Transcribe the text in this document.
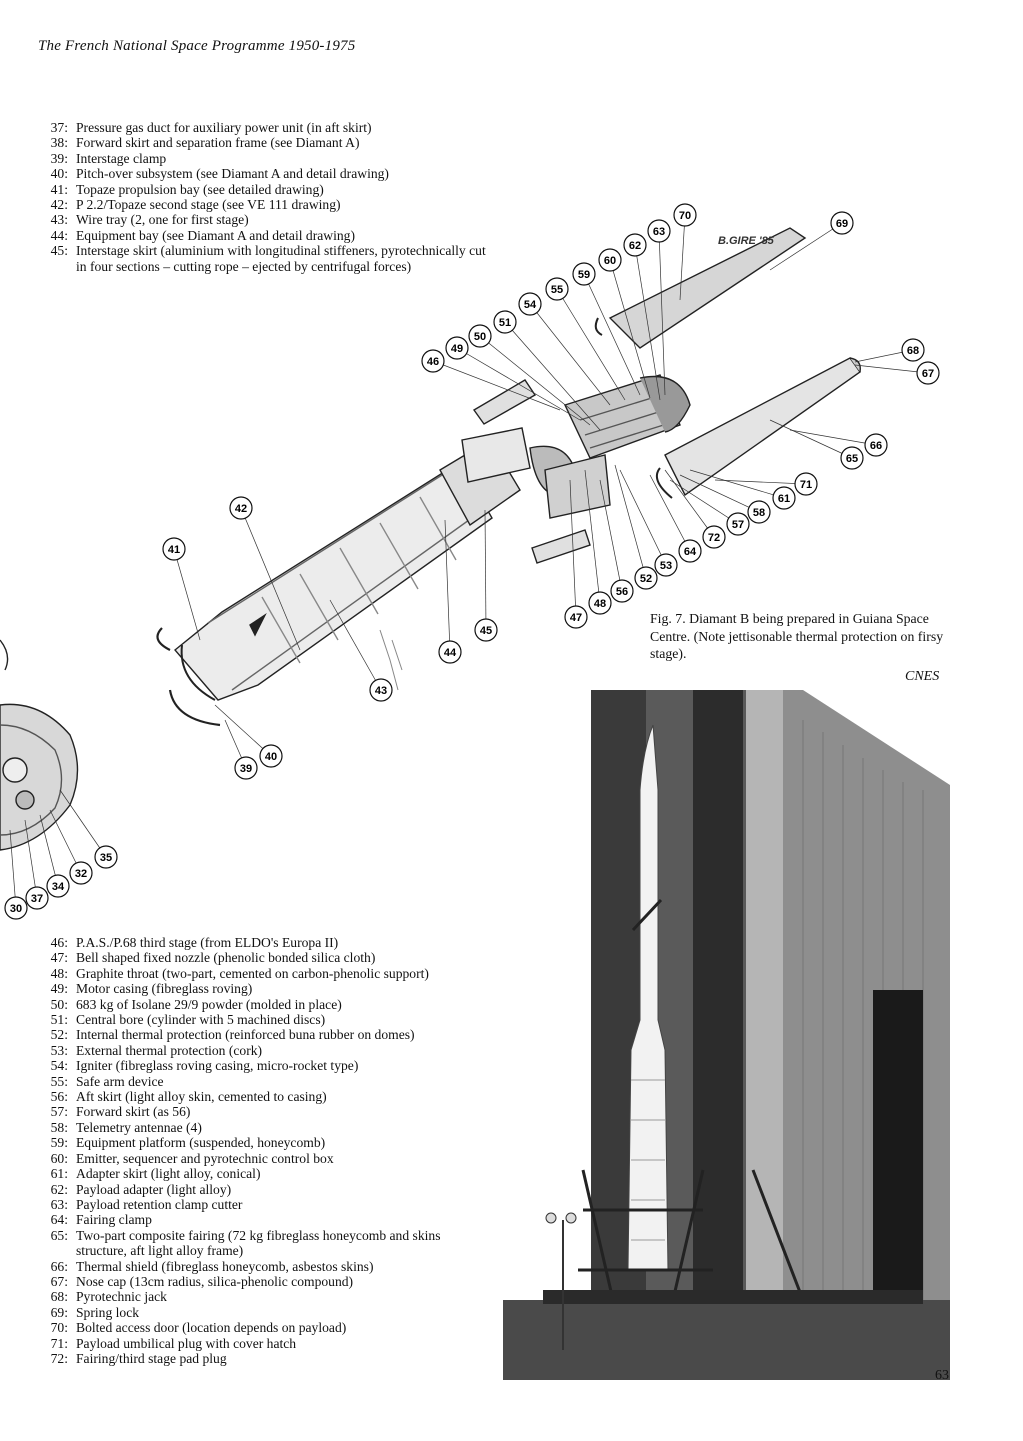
The French National Space Programme 1950-1975
37: Pressure gas duct for auxiliary power unit (in aft skirt)
38: Forward skirt and separation frame (see Diamant A)
39: Interstage clamp
40: Pitch-over subsystem (see Diamant A and detail drawing)
41: Topaze propulsion bay (see detailed drawing)
42: P 2.2/Topaze second stage (see VE 111 drawing)
43: Wire tray (2, one for first stage)
44: Equipment bay (see Diamant A and detail drawing)
45: Interstage skirt (aluminium with longitudinal stiffeners, pyrotechnically cut in four sections – cutting rope – ejected by centrifugal forces)
30
32
34
35
37
39
40
41
42
43
44
45
46
47
48
49
50
51
52
53
54
55
56
57
58
59
60
61
62
63
64
65
66
67
68
69
70
71
72
B.GIRE '85
Fig. 7. Diamant B being prepared in Guiana Space Centre. (Note jettisonable thermal protection on firsy stage).
CNES
46: P.A.S./P.68 third stage (from ELDO's Europa II)
47: Bell shaped fixed nozzle (phenolic bonded silica cloth)
48: Graphite throat (two-part, cemented on carbon-phenolic support)
49: Motor casing (fibreglass roving)
50: 683 kg of Isolane 29/9 powder (molded in place)
51: Central bore (cylinder with 5 machined discs)
52: Internal thermal protection (reinforced buna rubber on domes)
53: External thermal protection (cork)
54: Igniter (fibreglass roving casing, micro-rocket type)
55: Safe arm device
56: Aft skirt (light alloy skin, cemented to casing)
57: Forward skirt (as 56)
58: Telemetry antennae (4)
59: Equipment platform (suspended, honeycomb)
60: Emitter, sequencer and pyrotechnic control box
61: Adapter skirt (light alloy, conical)
62: Payload adapter (light alloy)
63: Payload retention clamp cutter
64: Fairing clamp
65: Two-part composite fairing (72 kg fibreglass honeycomb and skins structure, aft light alloy frame)
66: Thermal shield (fibreglass honeycomb, asbestos skins)
67: Nose cap (13cm radius, silica-phenolic compound)
68: Pyrotechnic jack
69: Spring lock
70: Bolted access door (location depends on payload)
71: Payload umbilical plug with cover hatch
72: Fairing/third stage pad plug
63
